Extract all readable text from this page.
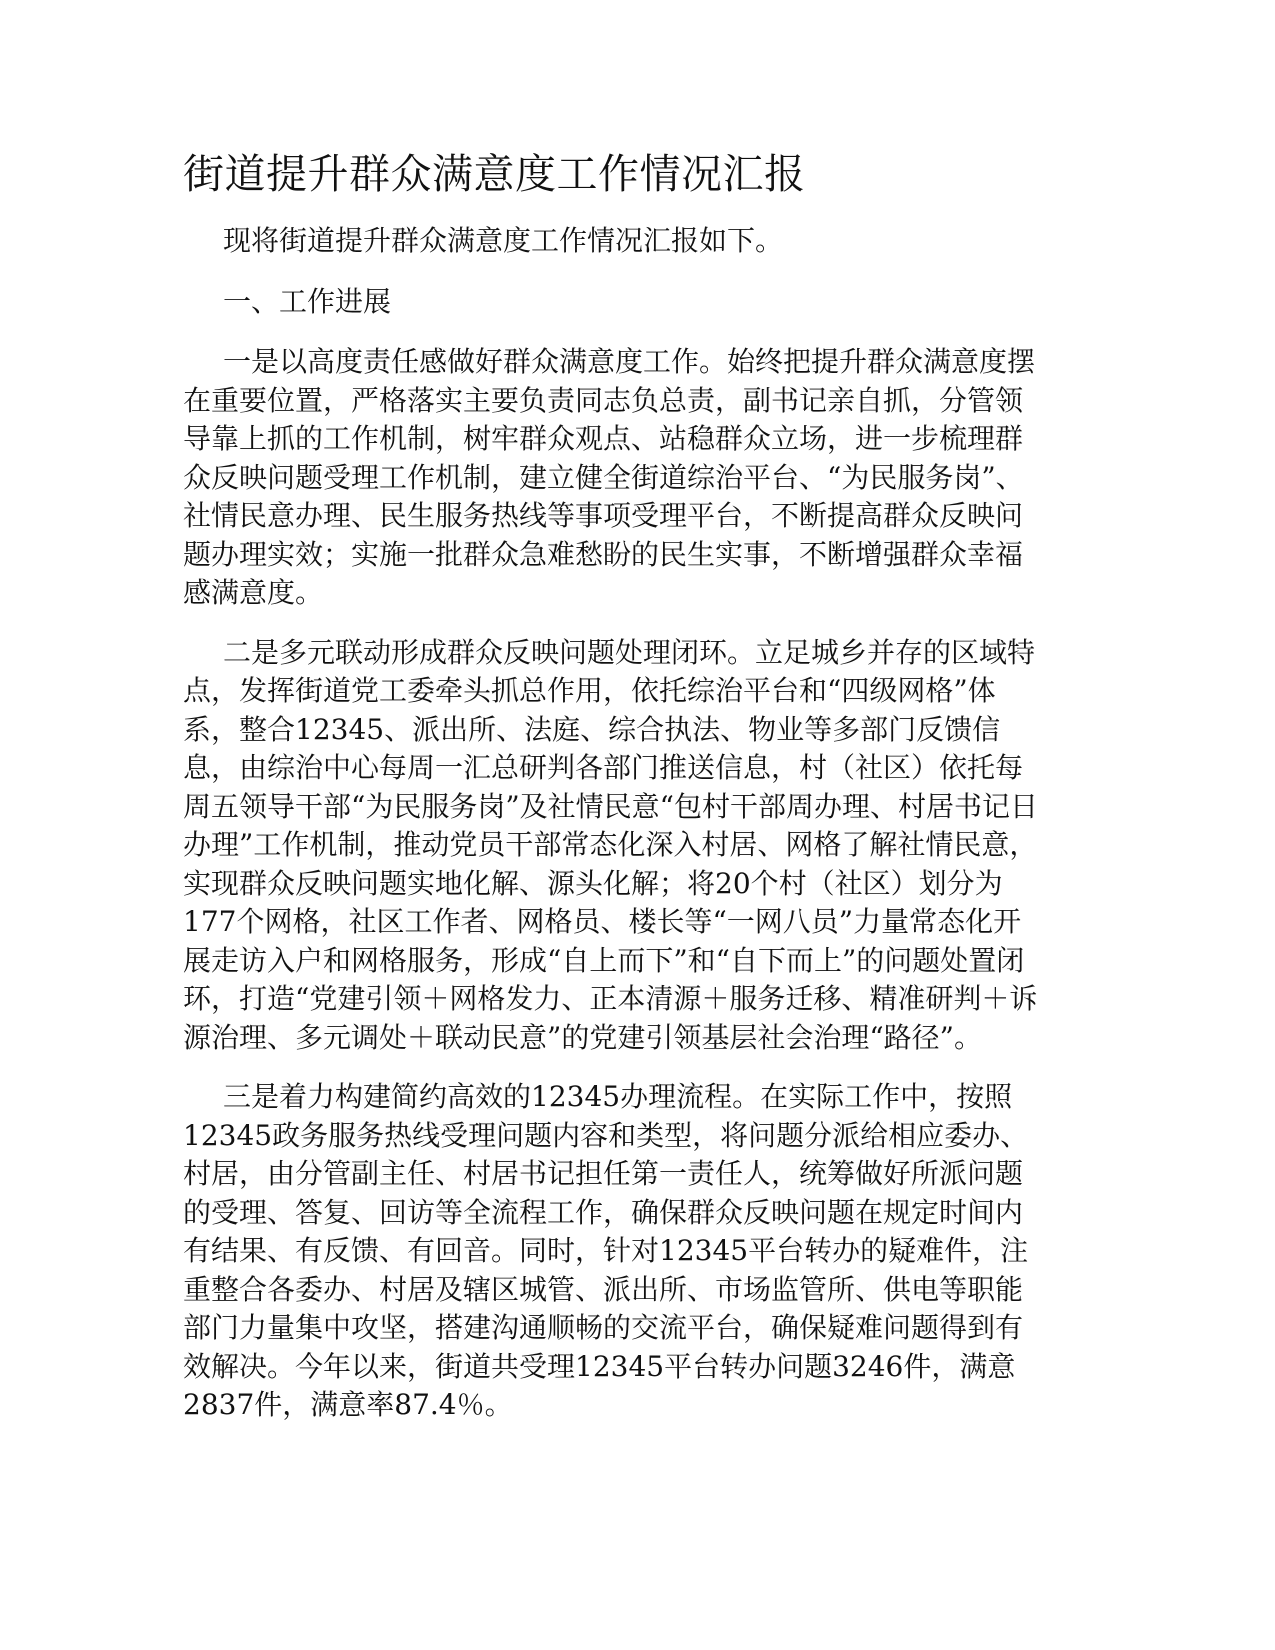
街道提升群众满意度工作情况汇报

现将街道提升群众满意度工作情况汇报如下。

一、工作进展

一是以高度责任感做好群众满意度工作。始终把提升群众满意度摆在重要位置，严格落实主要负责同志负总责，副书记亲自抓，分管领导靠上抓的工作机制，树牢群众观点、站稳群众立场，进一步梳理群众反映问题受理工作机制，建立健全街道综治平台、“为民服务岗”、社情民意办理、民生服务热线等事项受理平台，不断提高群众反映问题办理实效；实施一批群众急难愁盼的民生实事，不断增强群众幸福感满意度。

二是多元联动形成群众反映问题处理闭环。立足城乡并存的区域特点，发挥街道党工委牵头抓总作用，依托综治平台和“四级网格”体系，整合12345、派出所、法庭、综合执法、物业等多部门反馈信息，由综治中心每周一汇总研判各部门推送信息，村（社区）依托每周五领导干部“为民服务岗”及社情民意“包村干部周办理、村居书记日办理”工作机制，推动党员干部常态化深入村居、网格了解社情民意，实现群众反映问题实地化解、源头化解；将20个村（社区）划分为177个网格，社区工作者、网格员、楼长等“一网八员”力量常态化开展走访入户和网格服务，形成“自上而下”和“自下而上”的问题处置闭环，打造“党建引领＋网格发力、正本清源＋服务迁移、精准研判＋诉源治理、多元调处＋联动民意”的党建引领基层社会治理“路径”。

三是着力构建简约高效的12345办理流程。在实际工作中，按照12345政务服务热线受理问题内容和类型，将问题分派给相应委办、村居，由分管副主任、村居书记担任第一责任人，统筹做好所派问题的受理、答复、回访等全流程工作，确保群众反映问题在规定时间内有结果、有反馈、有回音。同时，针对12345平台转办的疑难件，注重整合各委办、村居及辖区城管、派出所、市场监管所、供电等职能部门力量集中攻坚，搭建沟通顺畅的交流平台，确保疑难问题得到有效解决。今年以来，街道共受理12345平台转办问题3246件，满意2837件，满意率87.4％。
